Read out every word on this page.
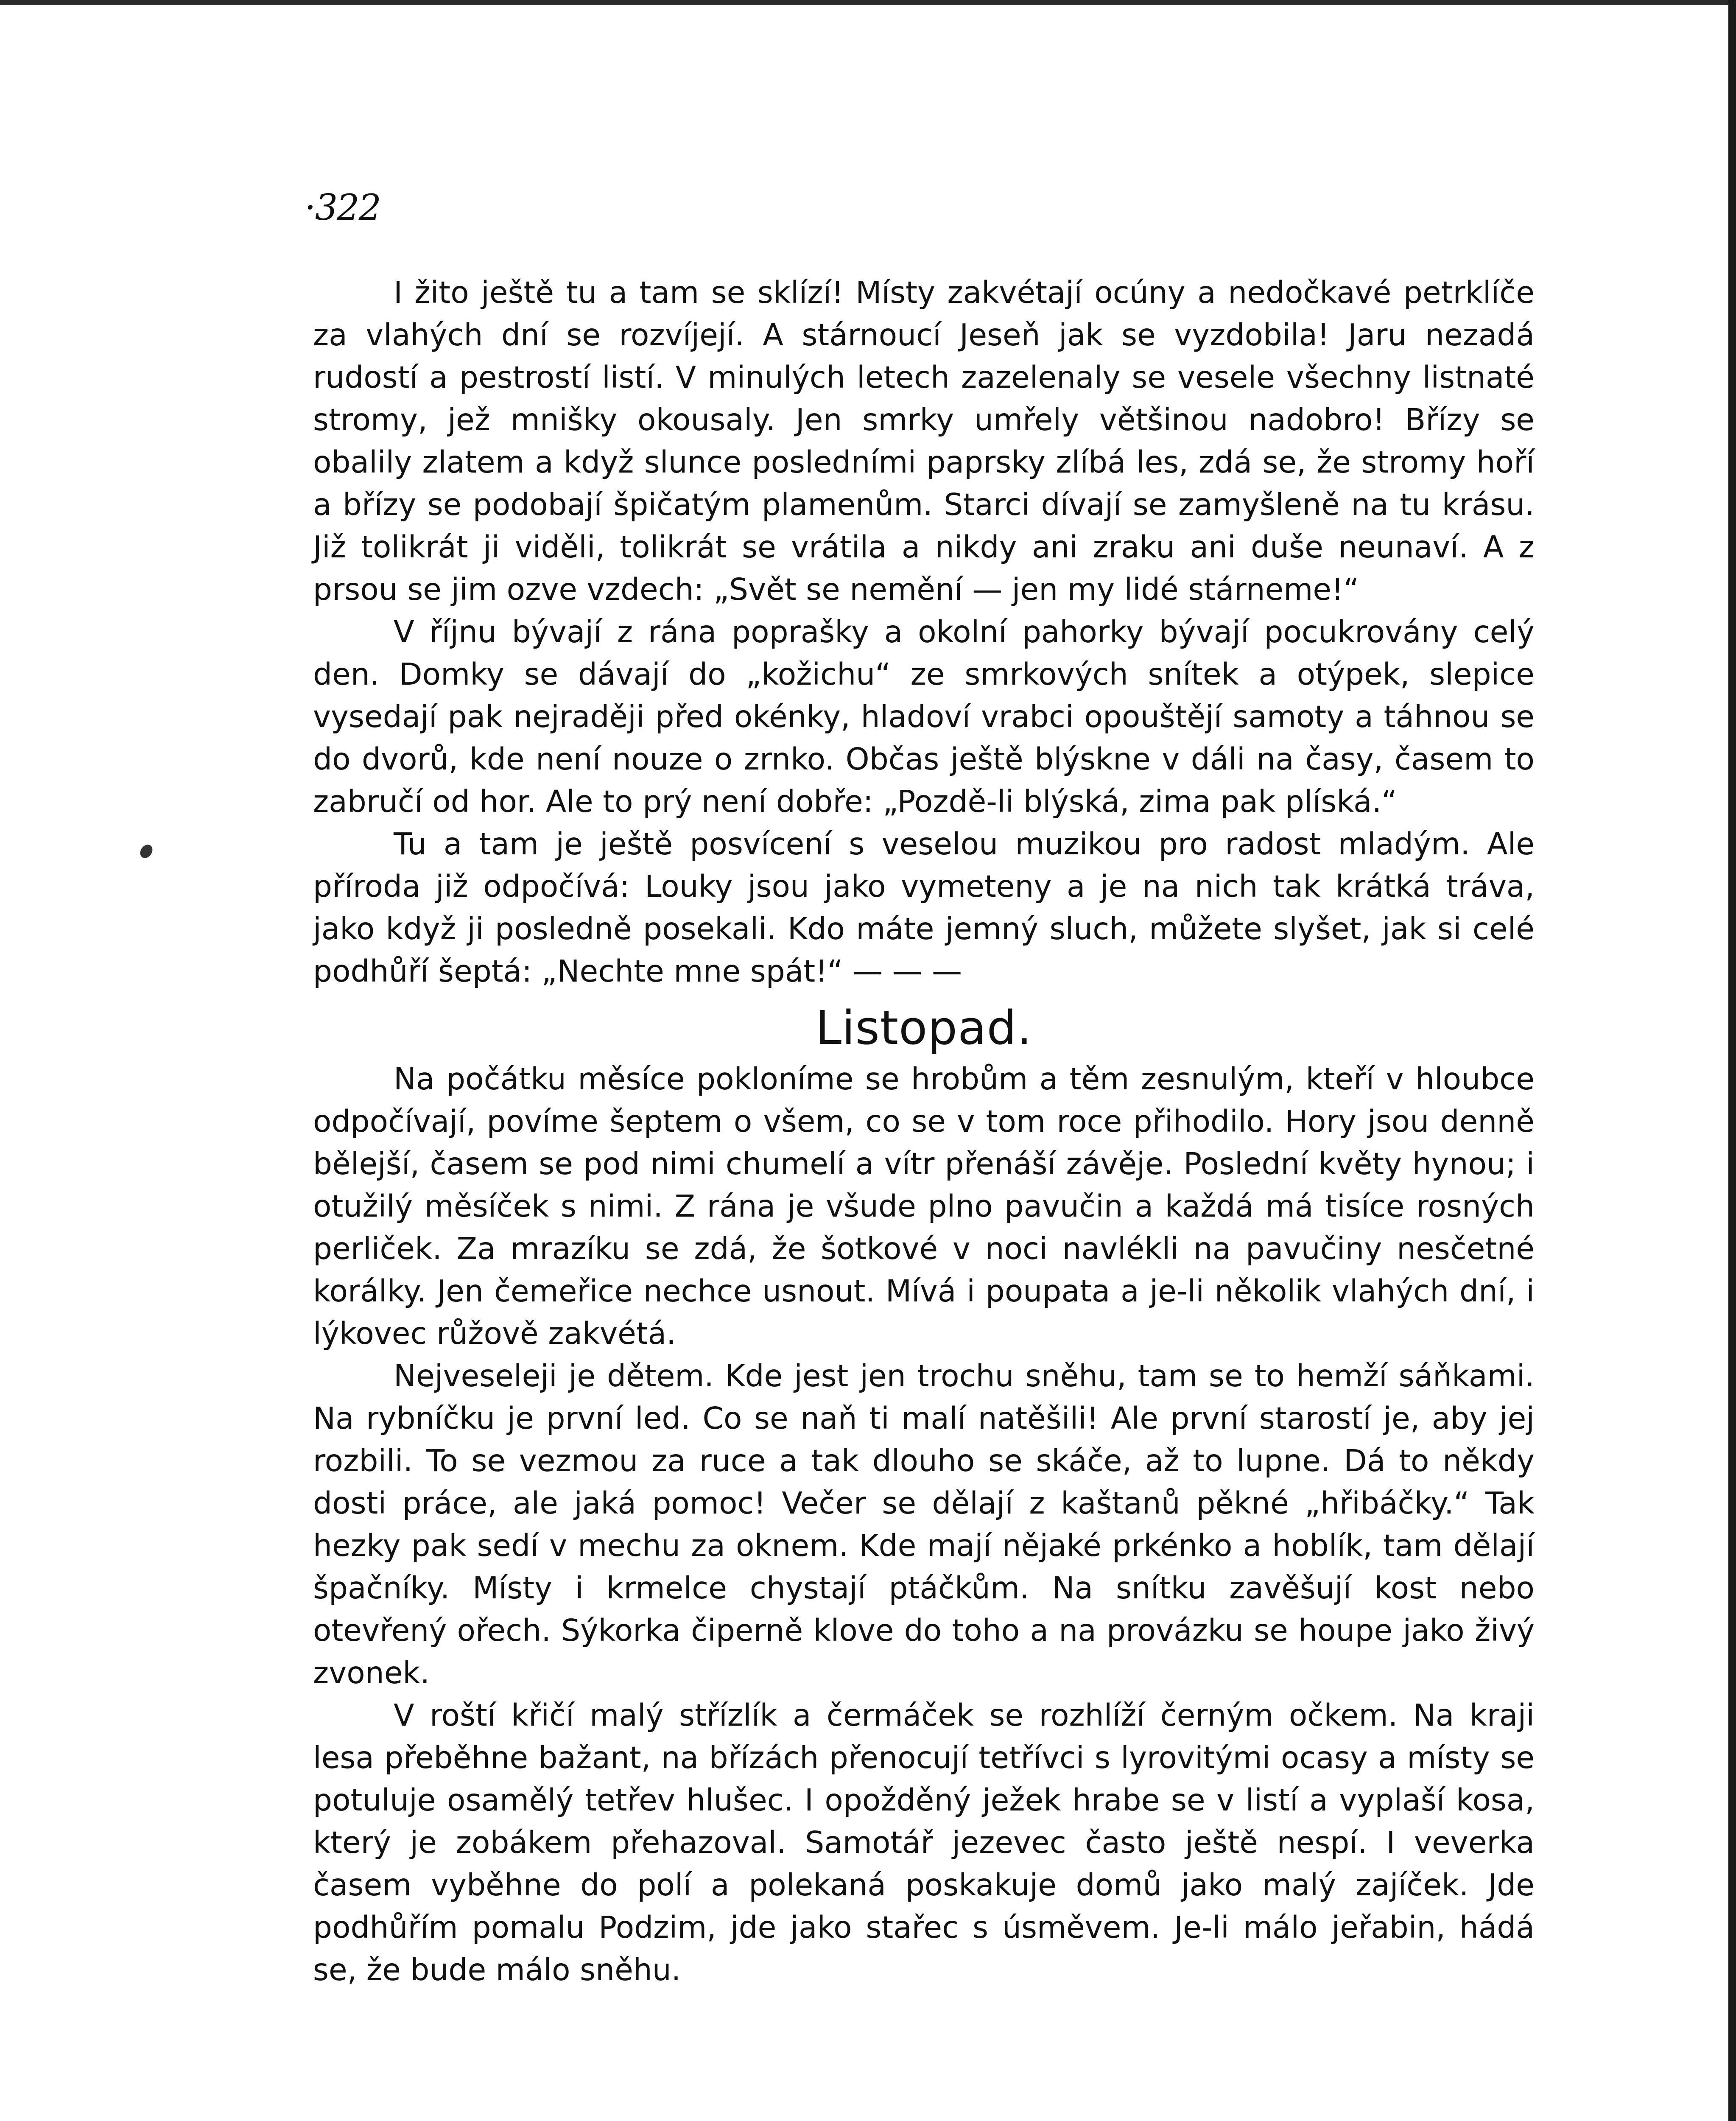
·322

I žito ještě tu a tam se sklízí! Místy zakvétají ocúny a nedočkavé petrklíče za vlahých dní se rozvíjejí. A stárnoucí Jeseň jak se vyzdobila! Jaru nezadá rudostí a pestrostí listí. V minulých letech zazelenaly se vesele všechny listnaté stromy, jež mnišky okousaly. Jen smrky umřely většinou nadobro! Břízy se obalily zlatem a když slunce posledními paprsky zlíbá les, zdá se, že stromy hoří a břízy se podobají špičatým plamenům. Starci dívají se zamyšleně na tu krásu. Již tolikrát ji viděli, tolikrát se vrátila a nikdy ani zraku ani duše neunaví. A z prsou se jim ozve vzdech: „Svět se nemění — jen my lidé stárneme!“

V říjnu bývají z rána poprašky a okolní pahorky bývají pocukrovány celý den. Domky se dávají do „kožichu“ ze smrkových snítek a otýpek, slepice vysedají pak nejraději před okénky, hladoví vrabci opouštějí samoty a táhnou se do dvorů, kde není nouze o zrnko. Občas ještě blýskne v dáli na časy, časem to zabručí od hor. Ale to prý není dobře: „Pozdě-li blýská, zima pak plíská.“

Tu a tam je ještě posvícení s veselou muzikou pro radost mladým. Ale příroda již odpočívá: Louky jsou jako vymeteny a je na nich tak krátká tráva, jako když ji posledně posekali. Kdo máte jemný sluch, můžete slyšet, jak si celé podhůří šeptá: „Nechte mne spát!“ — — —

Listopad.

Na počátku měsíce pokloníme se hrobům a těm zesnulým, kteří v hloubce odpočívají, povíme šeptem o všem, co se v tom roce přihodilo. Hory jsou denně bělejší, časem se pod nimi chumelí a vítr přenáší závěje. Poslední květy hynou; i otužilý měsíček s nimi. Z rána je všude plno pavučin a každá má tisíce rosných perliček. Za mrazíku se zdá, že šotkové v noci navlékli na pavučiny nesčetné korálky. Jen čemeřice nechce usnout. Mívá i poupata a je-li několik vlahých dní, i lýkovec růžově zakvétá.

Nejveseleji je dětem. Kde jest jen trochu sněhu, tam se to hemží sáňkami. Na rybníčku je první led. Co se naň ti malí natěšili! Ale první starostí je, aby jej rozbili. To se vezmou za ruce a tak dlouho se skáče, až to lupne. Dá to někdy dosti práce, ale jaká pomoc! Večer se dělají z kaštanů pěkné „hřibáčky.“ Tak hezky pak sedí v mechu za oknem. Kde mají nějaké prkénko a hoblík, tam dělají špačníky. Místy i krmelce chystají ptáčkům. Na snítku zavěšují kost nebo otevřený ořech. Sýkorka čiperně klove do toho a na provázku se houpe jako živý zvonek.

V roští křičí malý střízlík a čermáček se rozhlíží černým očkem. Na kraji lesa přeběhne bažant, na břízách přenocují tetřívci s lyrovitými ocasy a místy se potuluje osamělý tetřev hlušec. I opožděný ježek hrabe se v listí a vyplaší kosa, který je zobákem přehazoval. Samotář jezevec často ještě nespí. I veverka časem vyběhne do polí a polekaná poskakuje domů jako malý zajíček. Jde podhůřím pomalu Podzim, jde jako stařec s úsměvem. Je-li málo jeřabin, hádá se, že bude málo sněhu.
